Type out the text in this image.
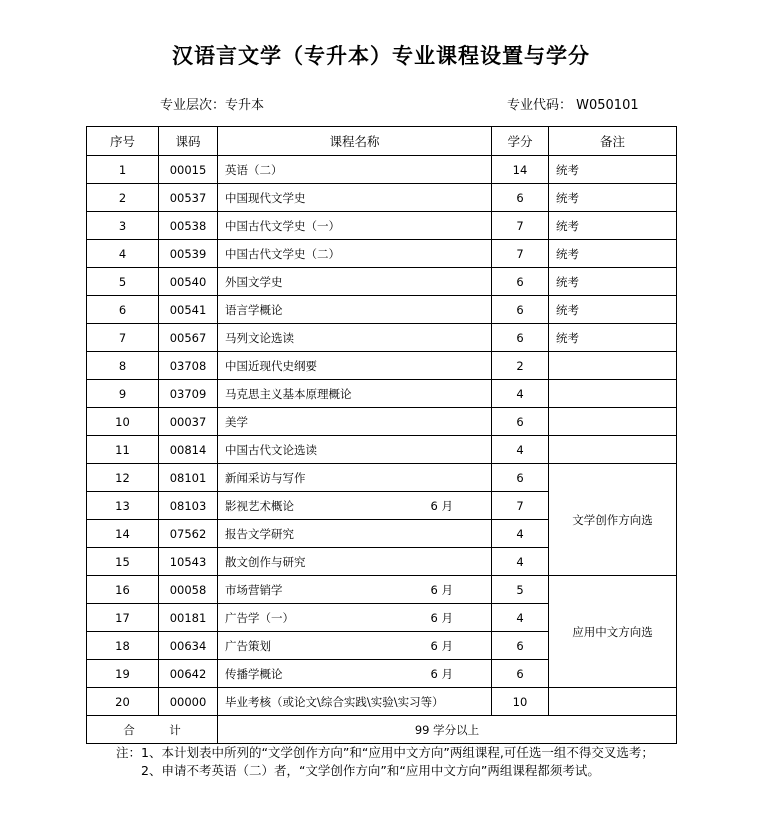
汉语言文学（专升本）专业课程设置与学分
专业层次：专升本	专业代码： W050101
序号	课码	课程名称	学分	备注
1	00015	英语（二）	14	统考
2	00537	中国现代文学史	6	统考
3	00538	中国古代文学史（一）	7	统考
4	00539	中国古代文学史（二）	7	统考
5	00540	外国文学史	6	统考
6	00541	语言学概论	6	统考
7	00567	马列文论选读	6	统考
8	03708	中国近现代史纲要	2	
9	03709	马克思主义基本原理概论	4	
10	00037	美学	6	
11	00814	中国古代文论选读	4	
12	08101	新闻采访与写作	6	文学创作方向选
13	08103	影视艺术概论 6 月	7	
14	07562	报告文学研究	4	
15	10543	散文创作与研究	4	
16	00058	市场营销学 6 月	5	应用中文方向选
17	00181	广告学（一） 6 月	4	
18	00634	广告策划 6 月	6	
19	00642	传播学概论 6 月	6	
20	00000	毕业考核（或论文\综合实践\实验\实习等）	10	
合　　　计		99 学分以上		
注：1、本计划表中所列的“文学创作方向”和“应用中文方向”两组课程,可任选一组不得交叉选考；
2、申请不考英语（二）者，“文学创作方向”和“应用中文方向”两组课程都须考试。
